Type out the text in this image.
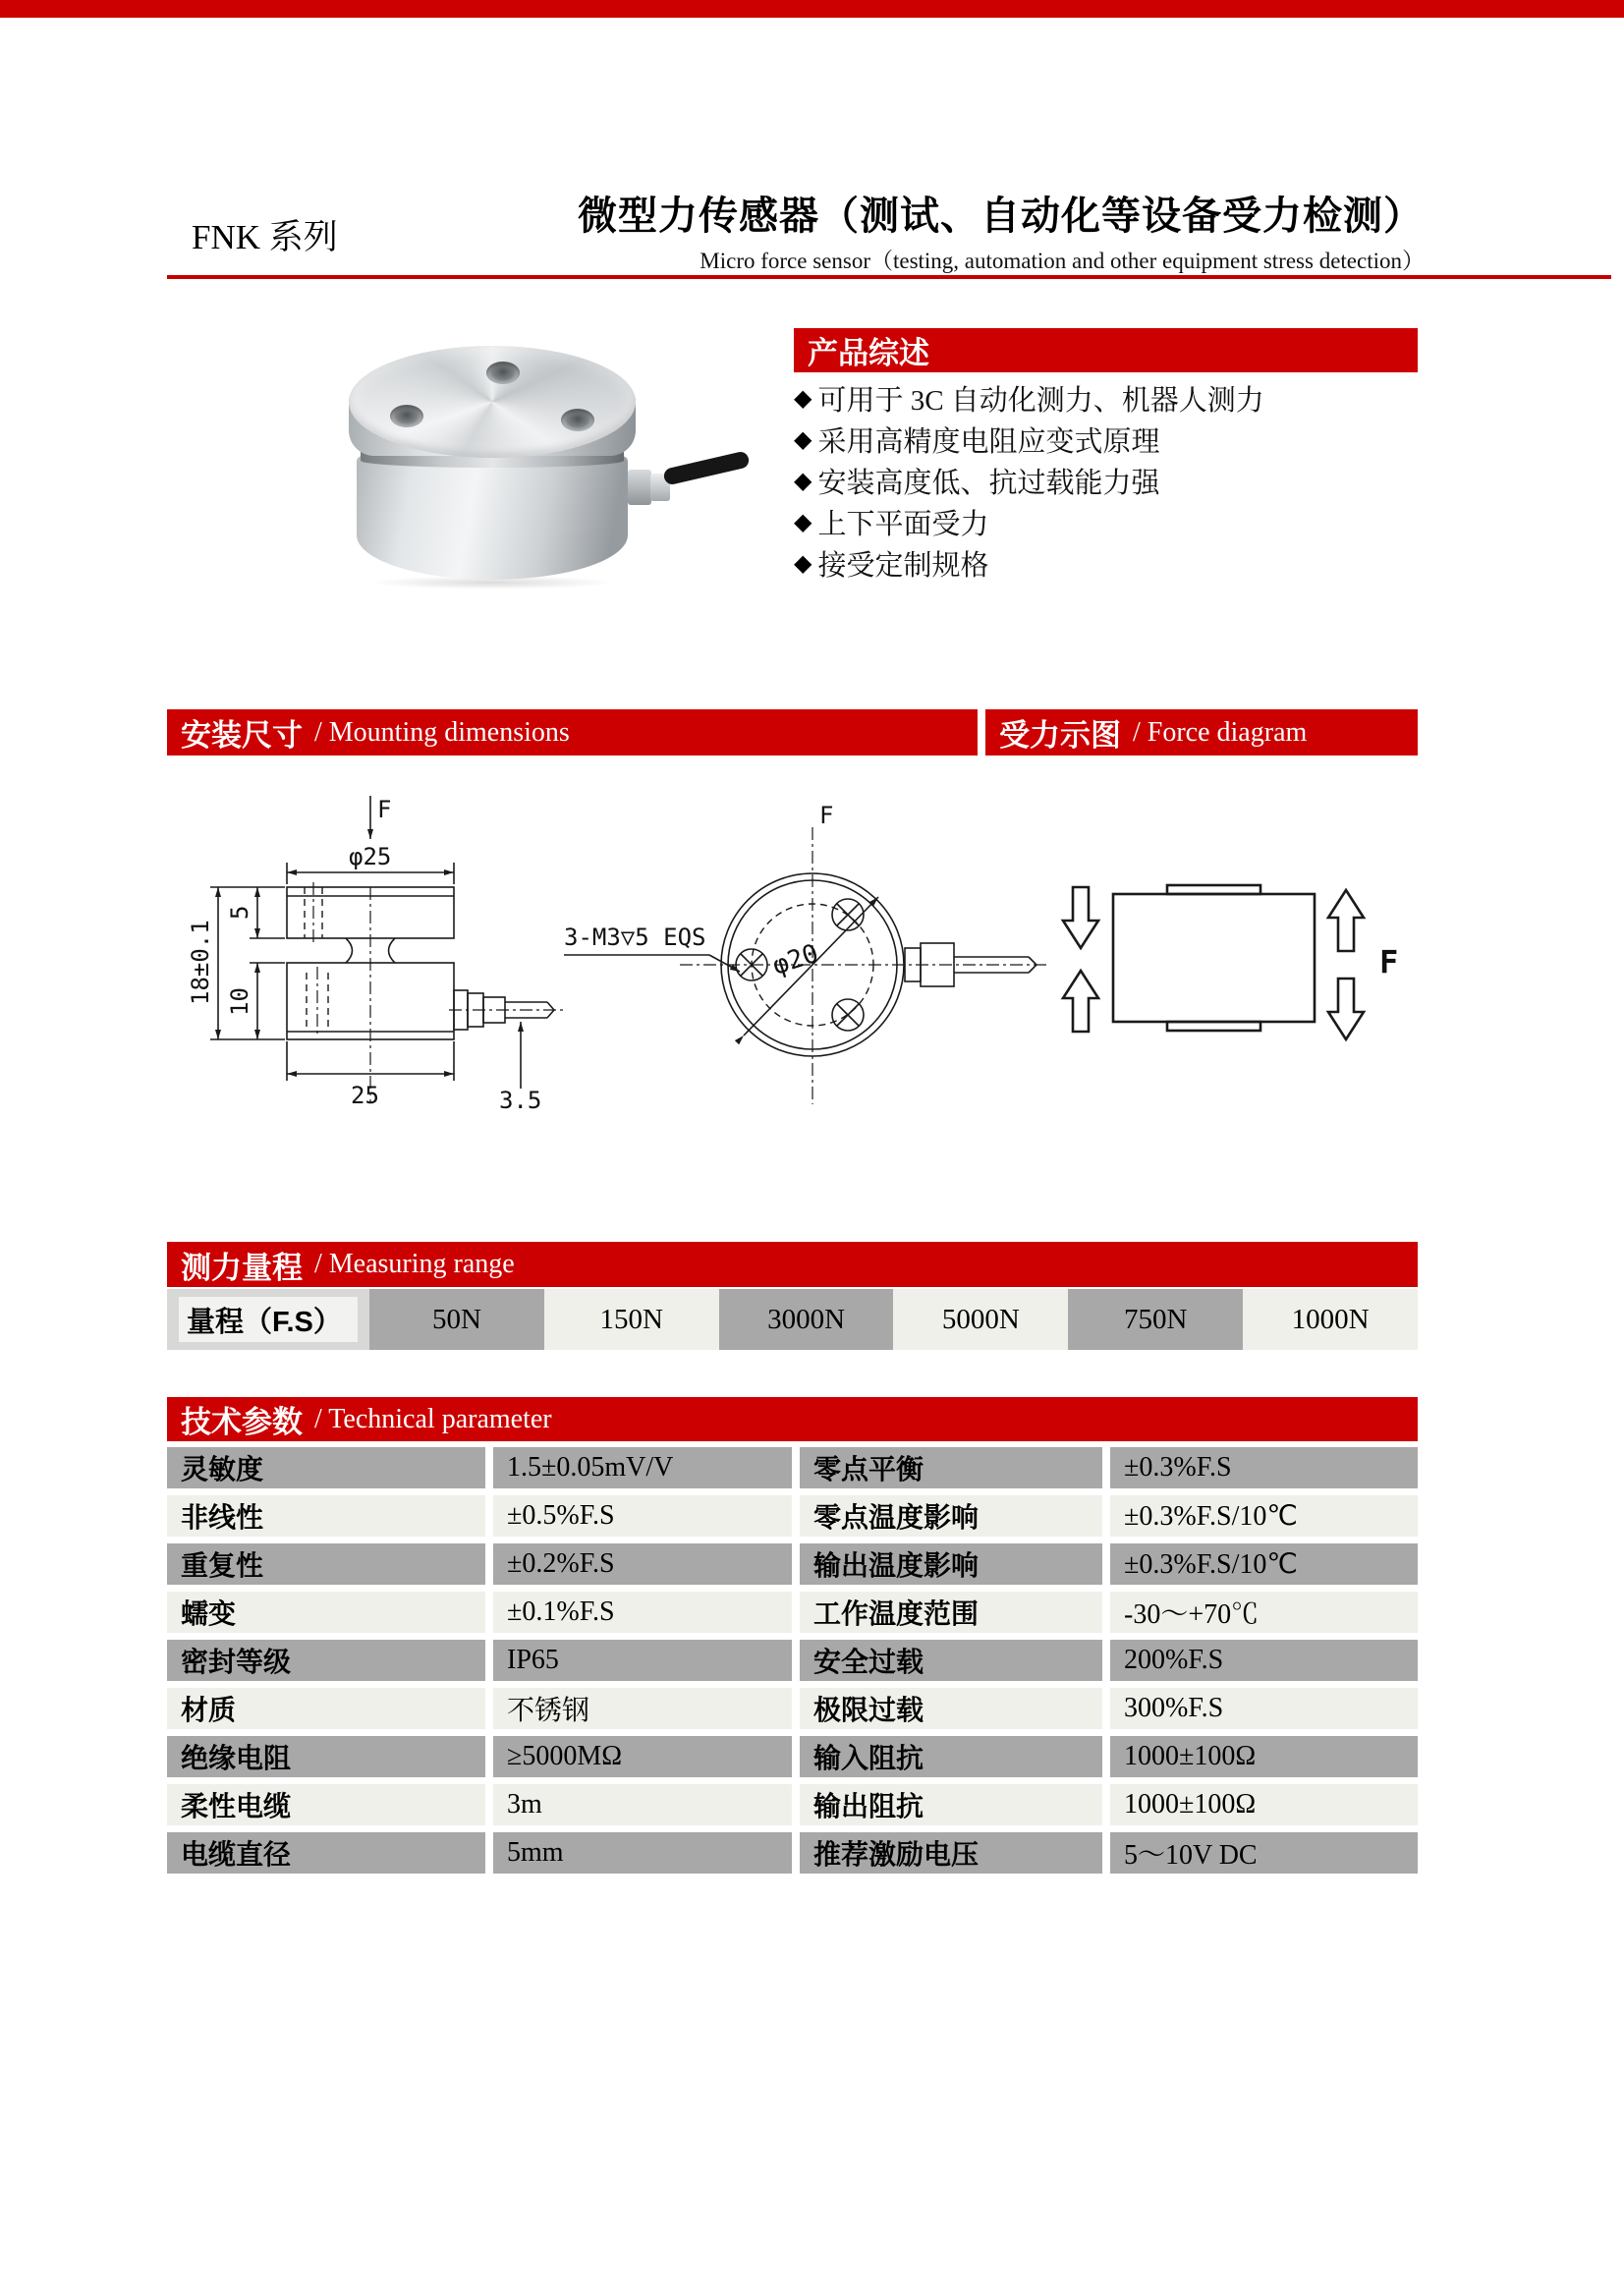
FNK 系列	微型力传感器（测试、自动化等设备受力检测）
Micro force sensor（testing, automation and other equipment stress detection）
产品综述
◆ 可用于 3C 自动化测力、机器人测力
◆ 采用高精度电阻应变式原理
◆ 安装高度低、抗过载能力强
◆ 上下平面受力
◆ 接受定制规格
安装尺寸 / Mounting dimensions	受力示图 / Force diagram
F
φ25
18±0.1
5
10
25	3.5
F
φ20
3-M3▽5 EQS
F
测力量程 / Measuring range
量程（F.S）	50N	150N	3000N	5000N	750N	1000N
技术参数 / Technical parameter
灵敏度	1.5±0.05mV/V	零点平衡	±0.3%F.S
非线性	±0.5%F.S	零点温度影响	±0.3%F.S/10℃
重复性	±0.2%F.S	输出温度影响	±0.3%F.S/10℃
蠕变	±0.1%F.S	工作温度范围	-30～+70℃
密封等级	IP65	安全过载	200%F.S
材质	不锈钢	极限过载	300%F.S
绝缘电阻	≥5000MΩ	输入阻抗	1000±100Ω
柔性电缆	3m	输出阻抗	1000±100Ω
电缆直径	5mm	推荐激励电压	5～10V DC
